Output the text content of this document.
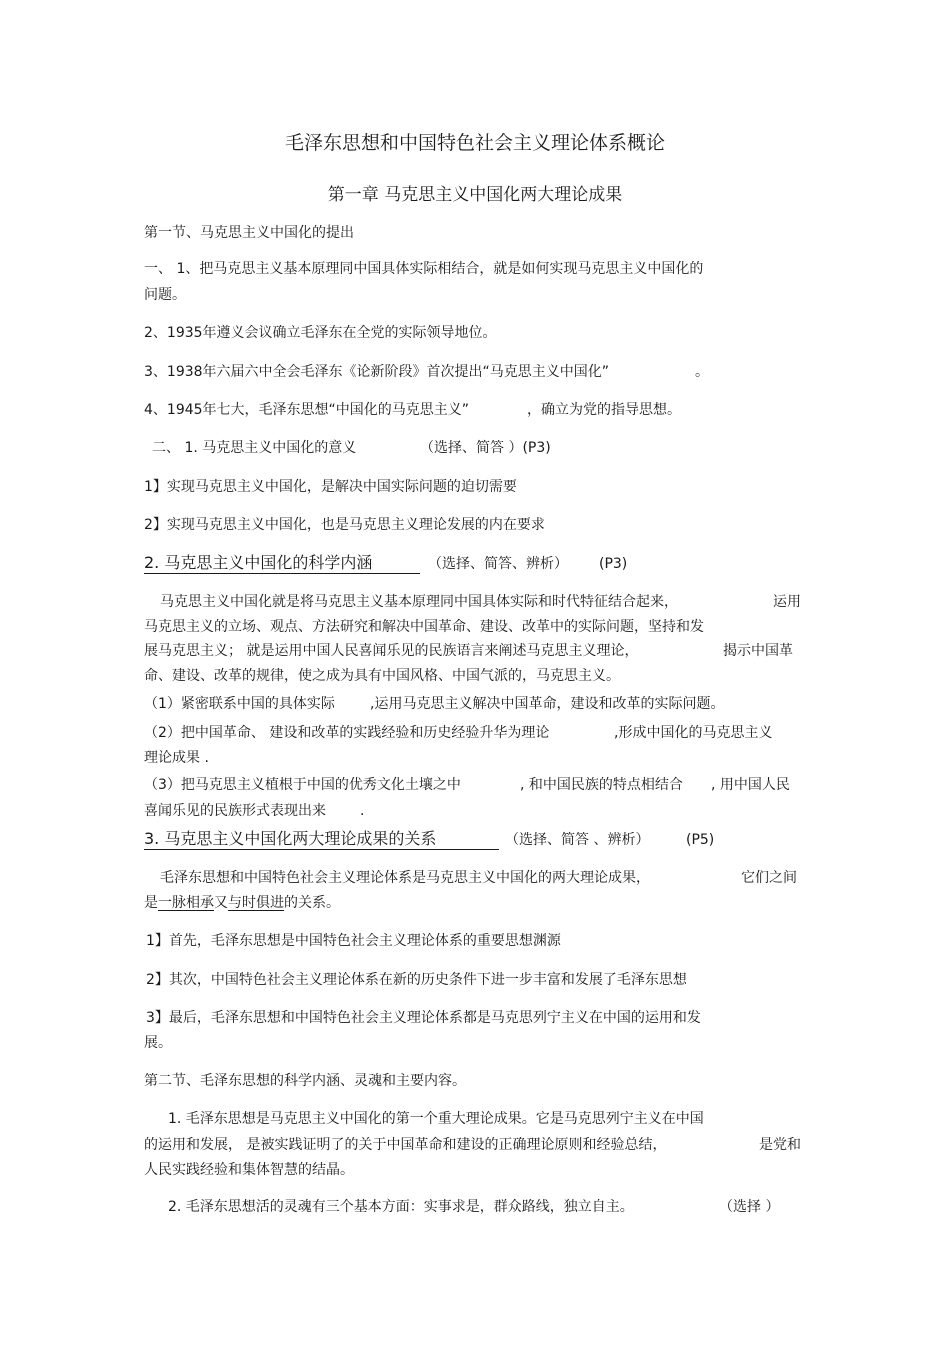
毛泽东思想和中国特色社会主义理论体系概论
第一章 马克思主义中国化两大理论成果
第一节、马克思主义中国化的提出
一、 1、把马克思主义基本原理同中国具体实际相结合，就是如何实现马克思主义中国化的
问题。
2、1935年遵义会议确立毛泽东在全党的实际领导地位。
3、1938年六届六中全会毛泽东《论新阶段》首次提出“马克思主义中国化”	。
4、1945年七大，毛泽东思想“中国化的马克思主义”	，确立为党的指导思想。
二、 1. 马克思主义中国化的意义	（选择、简答 ）(P3)
1】实现马克思主义中国化，是解决中国实际问题的迫切需要
2】实现马克思主义中国化，也是马克思主义理论发展的内在要求
2. 马克思主义中国化的科学内涵	（选择、简答、辨析） (P3)
马克思主义中国化就是将马克思主义基本原理同中国具体实际和时代特征结合起来，	运用
马克思主义的立场、观点、方法研究和解决中国革命、建设、改革中的实际问题，坚持和发
展马克思主义； 就是运用中国人民喜闻乐见的民族语言来阐述马克思主义理论，	揭示中国革
命、建设、改革的规律，使之成为具有中国风格、中国气派的，马克思主义。
（1）紧密联系中国的具体实际	,运用马克思主义解决中国革命，建设和改革的实际问题。
（2）把中国革命、 建设和改革的实践经验和历史经验升华为理论	,形成中国化的马克思主义
理论成果 .
（3）把马克思主义植根于中国的优秀文化土壤之中	, 和中国民族的特点相结合 , 用中国人民
喜闻乐见的民族形式表现出来 .
3. 马克思主义中国化两大理论成果的关系	（选择、简答 、辨析）	(P5)
毛泽东思想和中国特色社会主义理论体系是马克思主义中国化的两大理论成果，	它们之间
是一脉相承又与时俱进的关系。
1】首先，毛泽东思想是中国特色社会主义理论体系的重要思想渊源
2】其次，中国特色社会主义理论体系在新的历史条件下进一步丰富和发展了毛泽东思想
3】最后，毛泽东思想和中国特色社会主义理论体系都是马克思列宁主义在中国的运用和发
展。
第二节、毛泽东思想的科学内涵、灵魂和主要内容。
1. 毛泽东思想是马克思主义中国化的第一个重大理论成果。它是马克思列宁主义在中国
的运用和发展， 是被实践证明了的关于中国革命和建设的正确理论原则和经验总结，	是党和
人民实践经验和集体智慧的结晶。
2. 毛泽东思想活的灵魂有三个基本方面：实事求是，群众路线，独立自主。	（选择 ）
